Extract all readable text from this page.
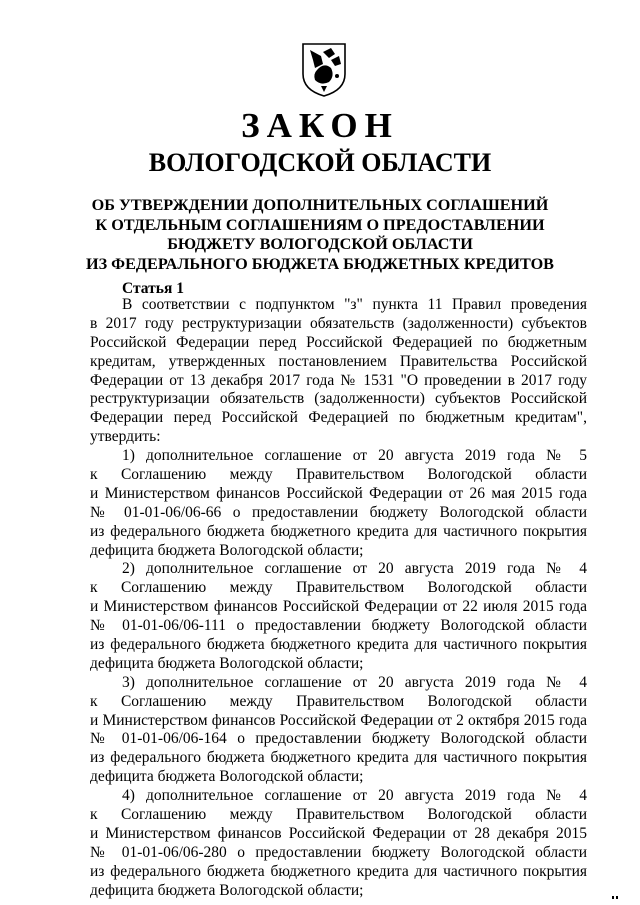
ЗАКОН
ВОЛОГОДСКОЙ ОБЛАСТИ
ОБ УТВЕРЖДЕНИИ ДОПОЛНИТЕЛЬНЫХ СОГЛАШЕНИЙ
К ОТДЕЛЬНЫМ СОГЛАШЕНИЯМ О ПРЕДОСТАВЛЕНИИ
БЮДЖЕТУ ВОЛОГОДСКОЙ ОБЛАСТИ
ИЗ ФЕДЕРАЛЬНОГО БЮДЖЕТА БЮДЖЕТНЫХ КРЕДИТОВ
Статья 1
В соответствии с подпунктом "з" пункта 11 Правил проведения
в 2017 году реструктуризации обязательств (задолженности) субъектов
Российской Федерации перед Российской Федерацией по бюджетным
кредитам, утвержденных постановлением Правительства Российской
Федерации от 13 декабря 2017 года № 1531 "О проведении в 2017 году
реструктуризации обязательств (задолженности) субъектов Российской
Федерации перед Российской Федерацией по бюджетным кредитам",
утвердить:
1) дополнительное соглашение от 20 августа 2019 года № 5
к Соглашению между Правительством Вологодской области
и Министерством финансов Российской Федерации от 26 мая 2015 года
№ 01-01-06/06-66 о предоставлении бюджету Вологодской области
из федерального бюджета бюджетного кредита для частичного покрытия
дефицита бюджета Вологодской области;
2) дополнительное соглашение от 20 августа 2019 года № 4
к Соглашению между Правительством Вологодской области
и Министерством финансов Российской Федерации от 22 июля 2015 года
№ 01-01-06/06-111 о предоставлении бюджету Вологодской области
из федерального бюджета бюджетного кредита для частичного покрытия
дефицита бюджета Вологодской области;
3) дополнительное соглашение от 20 августа 2019 года № 4
к Соглашению между Правительством Вологодской области
и Министерством финансов Российской Федерации от 2 октября 2015 года
№ 01-01-06/06-164 о предоставлении бюджету Вологодской области
из федерального бюджета бюджетного кредита для частичного покрытия
дефицита бюджета Вологодской области;
4) дополнительное соглашение от 20 августа 2019 года № 4
к Соглашению между Правительством Вологодской области
и Министерством финансов Российской Федерации от 28 декабря 2015
№ 01-01-06/06-280 о предоставлении бюджету Вологодской области
из федерального бюджета бюджетного кредита для частичного покрытия
дефицита бюджета Вологодской области;
